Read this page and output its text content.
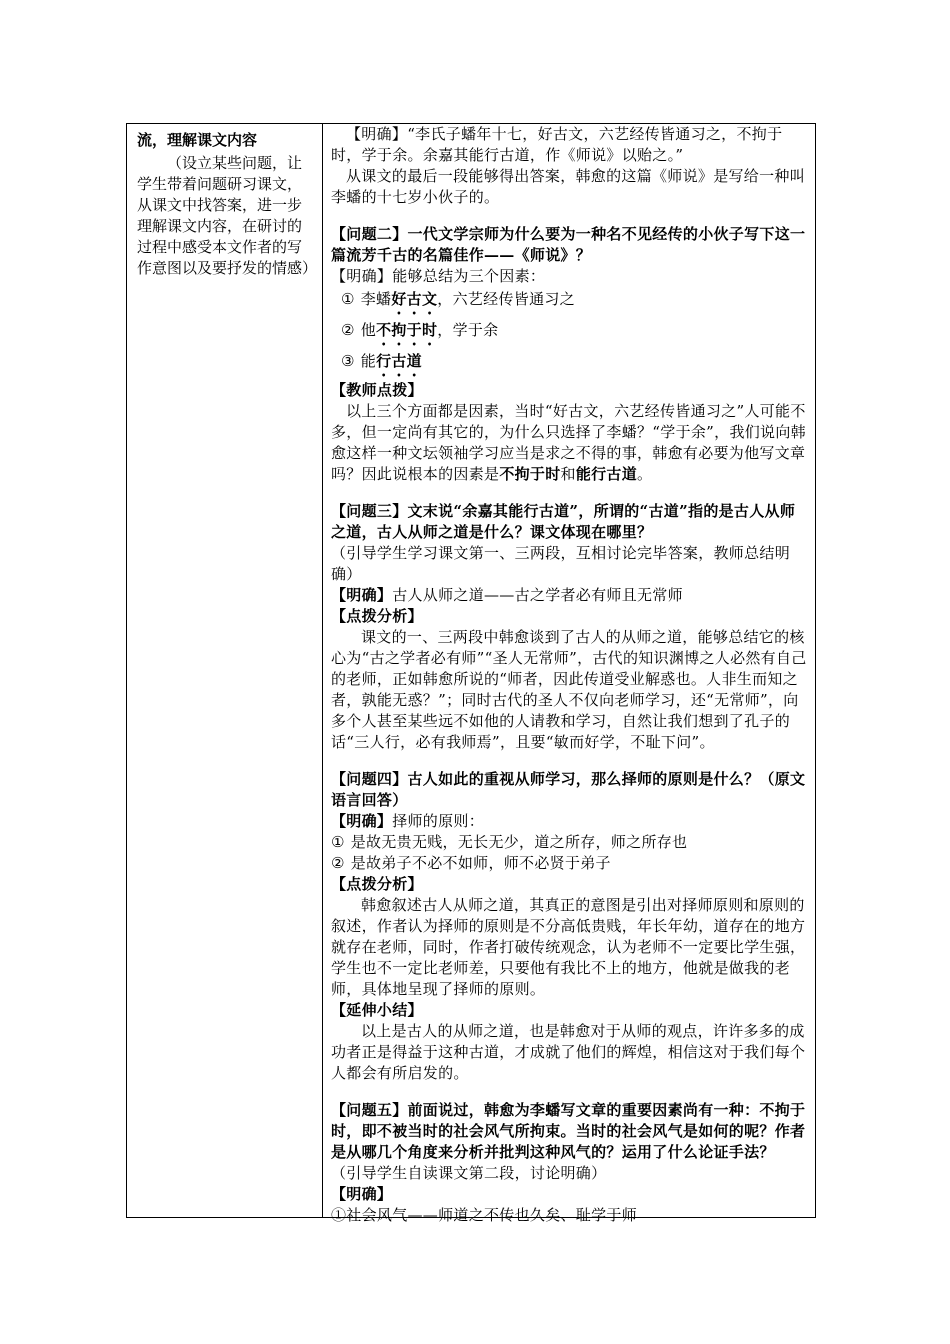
流，理解课文内容

（设立某些问题，让学生带着问题研习课文，从课文中找答案，进一步理解课文内容，在研讨的过程中感受本文作者的写作意图以及要抒发的情感）

【明确】“李氏子蟠年十七，好古文，六艺经传皆通习之，不拘于时，学于余。余嘉其能行古道，作《师说》以贻之。”

从课文的最后一段能够得出答案，韩愈的这篇《师说》是写给一种叫李蟠的十七岁小伙子的。

【问题二】一代文学宗师为什么要为一种名不见经传的小伙子写下这一篇流芳千古的名篇佳作——《师说》？

【明确】能够总结为三个因素：

① 李蟠好古文，六艺经传皆通习之

② 他不拘于时，学于余

③ 能行古道

【教师点拨】

以上三个方面都是因素，当时“好古文，六艺经传皆通习之”人可能不多，但一定尚有其它的，为什么只选择了李蟠？“学于余”，我们说向韩愈这样一种文坛领袖学习应当是求之不得的事，韩愈有必要为他写文章吗？因此说根本的因素是不拘于时和能行古道。

【问题三】文末说“余嘉其能行古道”，所谓的“古道”指的是古人从师之道，古人从师之道是什么？课文体现在哪里？

（引导学生学习课文第一、三两段，互相讨论完毕答案，教师总结明确）

【明确】古人从师之道——古之学者必有师且无常师

【点拨分析】

课文的一、三两段中韩愈谈到了古人的从师之道，能够总结它的核心为“古之学者必有师”“圣人无常师”，古代的知识渊博之人必然有自己的老师，正如韩愈所说的“师者，因此传道受业解惑也。人非生而知之者，孰能无惑？”；同时古代的圣人不仅向老师学习，还“无常师”，向多个人甚至某些远不如他的人请教和学习，自然让我们想到了孔子的话“三人行，必有我师焉”，且要“敏而好学，不耻下问”。

【问题四】古人如此的重视从师学习，那么择师的原则是什么？（原文语言回答）

【明确】择师的原则：

① 是故无贵无贱，无长无少，道之所存，师之所存也

② 是故弟子不必不如师，师不必贤于弟子

【点拨分析】

韩愈叙述古人从师之道，其真正的意图是引出对择师原则和原则的叙述，作者认为择师的原则是不分高低贵贱，年长年幼，道存在的地方就存在老师，同时，作者打破传统观念，认为老师不一定要比学生强，学生也不一定比老师差，只要他有我比不上的地方，他就是做我的老师，具体地呈现了择师的原则。

【延伸小结】

以上是古人的从师之道，也是韩愈对于从师的观点，许许多多的成功者正是得益于这种古道，才成就了他们的辉煌，相信这对于我们每个人都会有所启发的。

【问题五】前面说过，韩愈为李蟠写文章的重要因素尚有一种：不拘于时，即不被当时的社会风气所拘束。当时的社会风气是如何的呢？作者是从哪几个角度来分析并批判这种风气的？运用了什么论证手法？

（引导学生自读课文第二段，讨论明确）

【明确】

①社会风气——师道之不传也久矣、耻学于师
